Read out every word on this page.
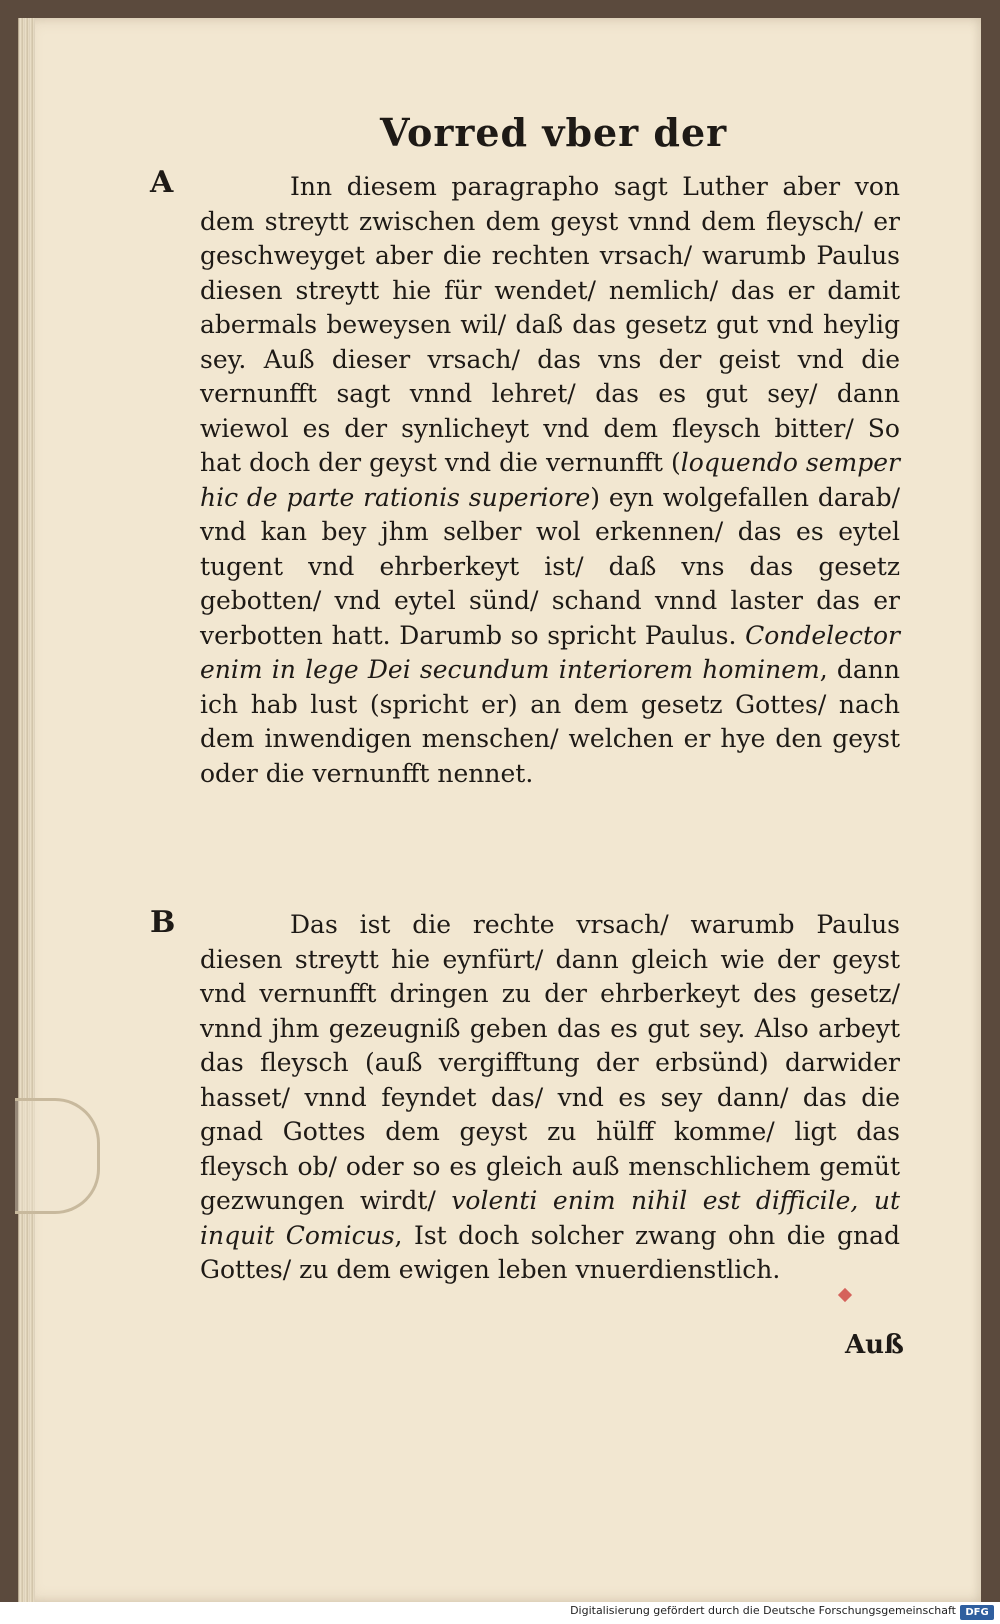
Vorred vber der
A	Inn diesem paragrapho sagt Luther aber von dem streytt zwischen dem geyst vnnd dem fleysch/ er geschweyget aber die rechten vrsach/ warumb Paulus diesen streytt hie für wendet/ nemlich/ das er damit abermals beweysen wil/ daß das gesetz gut vnd heylig sey. Auß dieser vrsach/ das vns der geist vnd die vernunfft sagt vnnd lehret/ das es gut sey/ dann wiewol es der synlicheyt vnd dem fleysch bitter/ So hat doch der geyst vnd die vernunfft (loquendo semper hic de parte rationis superiore) eyn wolgefallen darab/ vnd kan bey jhm selber wol erkennen/ das es eytel tugent vnd ehrberkeyt ist/ daß vns das gesetz gebotten/ vnd eytel sünd/ schand vnnd laster das er verbotten hatt. Darumb so spricht Paulus. Condelector enim in lege Dei secundum interiorem hominem, dann ich hab lust (spricht er) an dem gesetz Gottes/ nach dem inwendigen menschen/ welchen er hye den geyst oder die vernunfft nennet.
B	Das ist die rechte vrsach/ warumb Paulus diesen streytt hie eynfürt/ dann gleich wie der geyst vnd vernunfft dringen zu der ehrberkeyt des gesetz/ vnnd jhm gezeugniß geben das es gut sey. Also arbeyt das fleysch (auß vergifftung der erbsünd) darwider hasset/ vnnd feyndet das/ vnd es sey dann/ das die gnad Gottes dem geyst zu hülff komme/ ligt das fleysch ob/ oder so es gleich auß menschlichem gemüt gezwungen wirdt/ volenti enim nihil est difficile, ut inquit Comicus, Ist doch solcher zwang ohn die gnad Gottes/ zu dem ewigen leben vnuerdienstlich.
Auß
Digitalisierung gefördert durch die Deutsche Forschungsgemeinschaft DFG
